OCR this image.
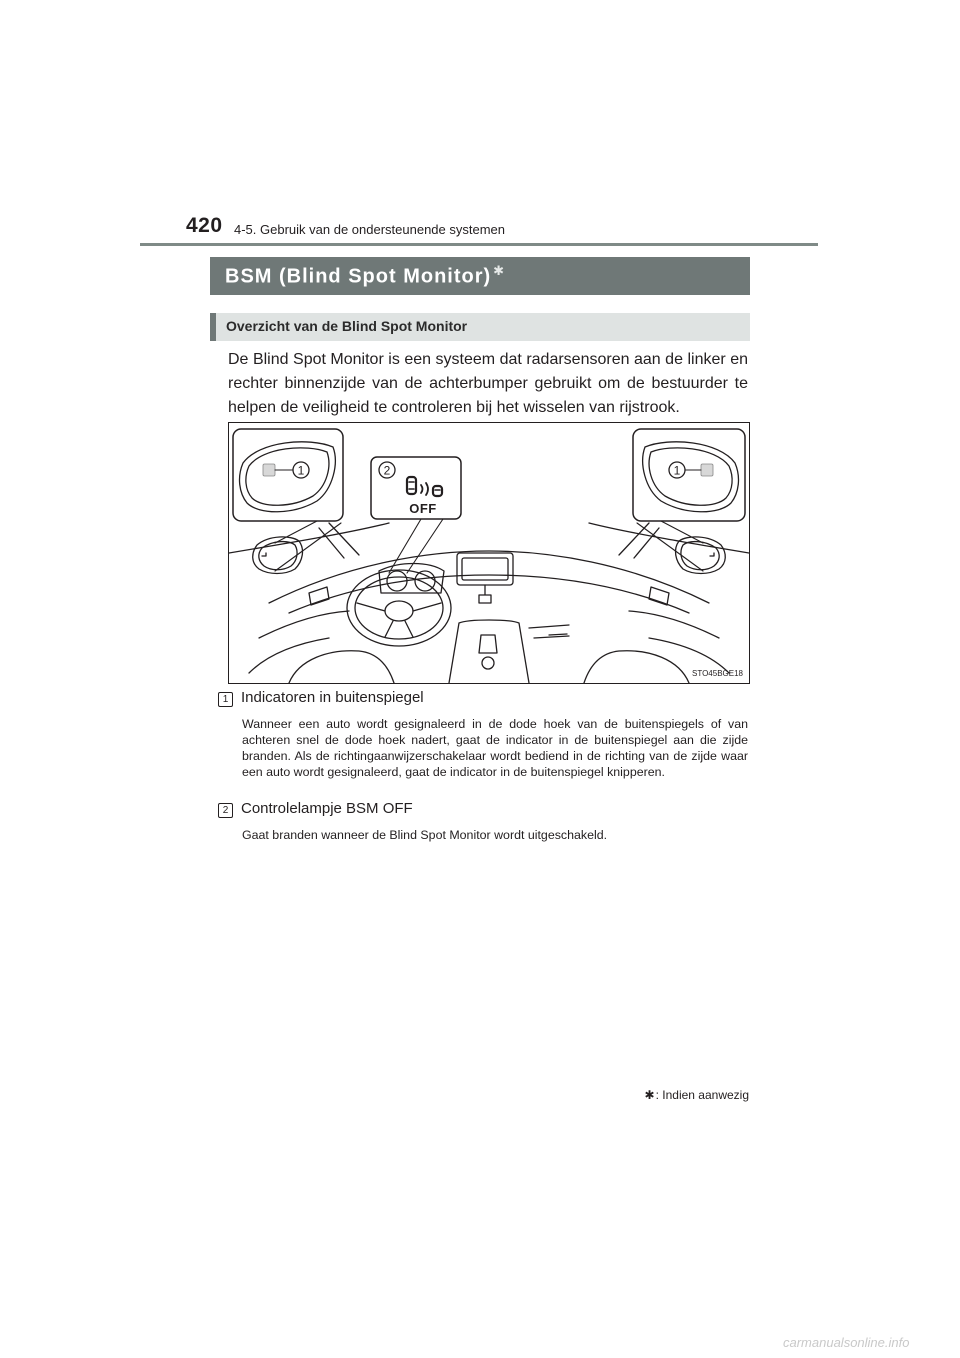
420 4-5. Gebruik van de ondersteunende systemen
BSM (Blind Spot Monitor) ✱
Overzicht van de Blind Spot Monitor

De Blind Spot Monitor is een systeem dat radarsensoren aan de linker en rechter binnenzijde van de achterbumper gebruikt om de bestuurder te helpen de veiligheid te controleren bij het wisselen van rijstrook.

1	1
2
OFF
STO45BGE18
1 Indicatoren in buitenspiegel
Wanneer een auto wordt gesignaleerd in de dode hoek van de buitenspiegels of van achteren snel de dode hoek nadert, gaat de indicator in de buitenspiegel aan die zijde branden. Als de richtingaanwijzerschakelaar wordt bediend in de richting van de zijde waar een auto wordt gesignaleerd, gaat de indicator in de buitenspiegel knipperen.
2 Controlelampje BSM OFF
Gaat branden wanneer de Blind Spot Monitor wordt uitgeschakeld.
✱: Indien aanwezig
carmanualsonline.info
